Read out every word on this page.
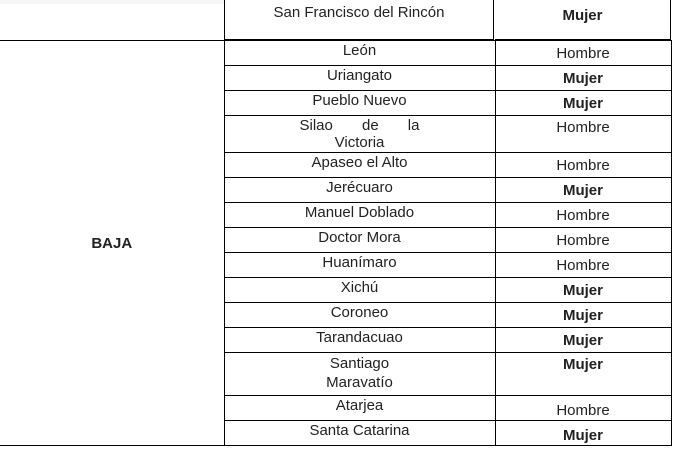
San Francisco del Rincón	Mujer
BAJA	León	Hombre
	Uriangato	Mujer
	Pueblo Nuevo	Mujer

	Silao de la Victoria	Hombre
	Apaseo el Alto	Hombre
	Jerécuaro	Mujer
	Manuel Doblado	Hombre
	Doctor Mora	Hombre
	Huanímaro	Hombre
	Xichú	Mujer
	Coroneo	Mujer
	Tarandacuao	Mujer

	Santiago Maravatío	Mujer
	Atarjea	Hombre
	Santa Catarina	Mujer
